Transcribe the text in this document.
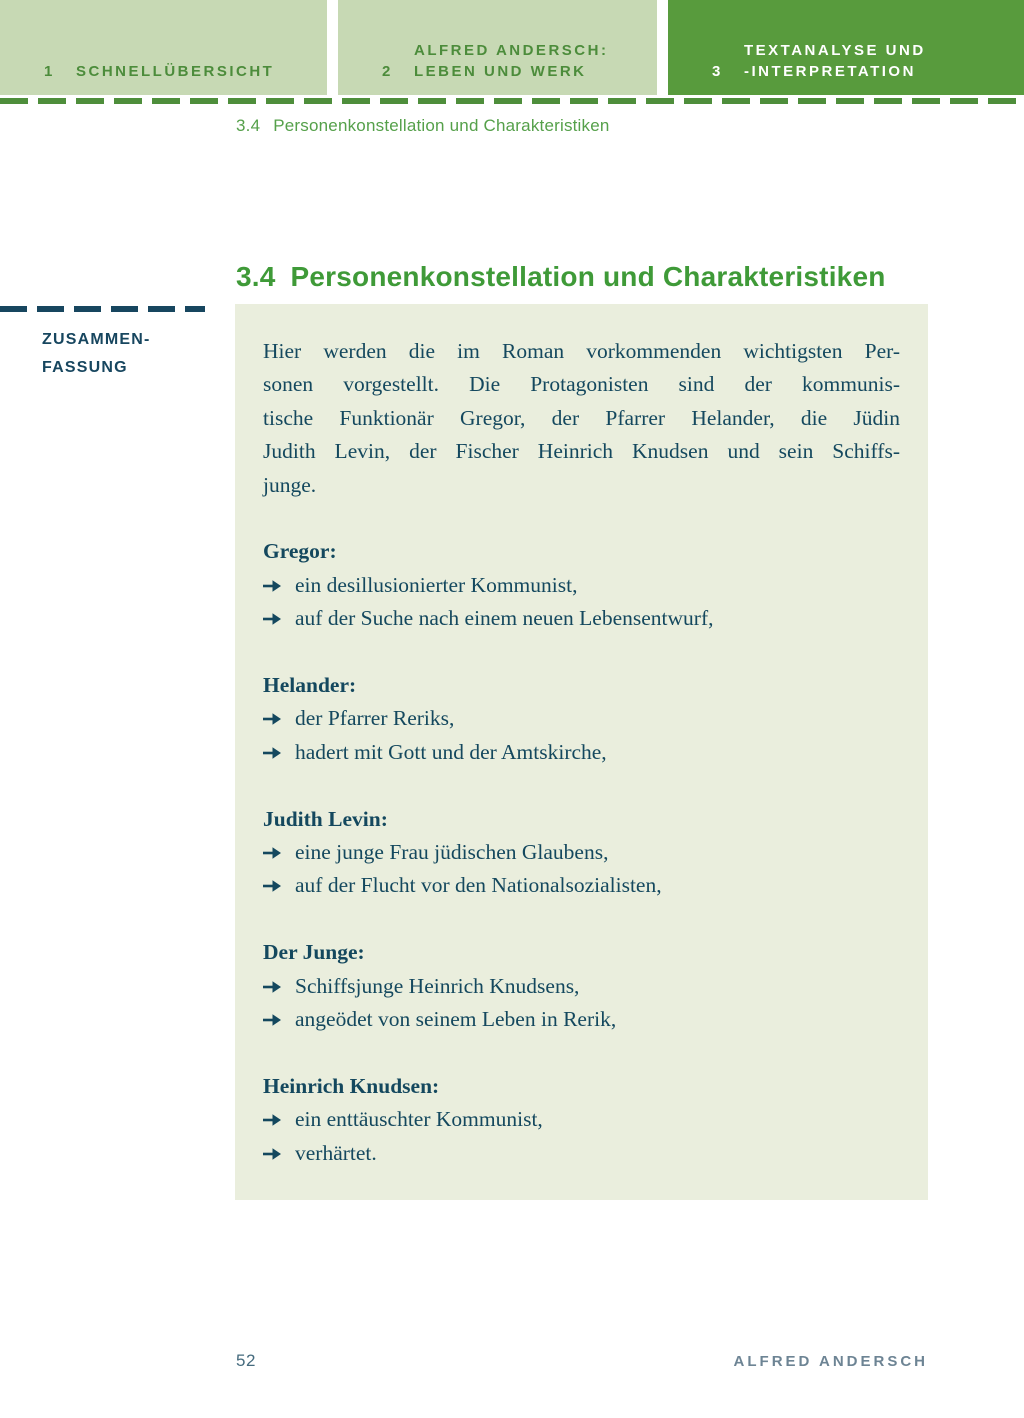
1	SCHNELLÜBERSICHT	2
ALFRED ANDERSCH:
LEBEN UND WERK	3
TEXTANALYSE UND
-INTERPRETATION
3.4 Personenkonstellation und Charakteristiken
3.4 Personenkonstellation und Charakteristiken
ZUSAMMEN-
FASSUNG
Hier werden die im Roman vorkommenden wichtigsten Per-
sonen vorgestellt. Die Protagonisten sind der kommunis-
tische Funktionär Gregor, der Pfarrer Helander, die Jüdin
Judith Levin, der Fischer Heinrich Knudsen und sein Schiffs-
junge.
Gregor:
ein desillusionierter Kommunist,
auf der Suche nach einem neuen Lebensentwurf,
Helander:
der Pfarrer Reriks,
hadert mit Gott und der Amtskirche,
Judith Levin:
eine junge Frau jüdischen Glaubens,
auf der Flucht vor den Nationalsozialisten,
Der Junge:
Schiffsjunge Heinrich Knudsens,
angeödet von seinem Leben in Rerik,
Heinrich Knudsen:
ein enttäuschter Kommunist,
verhärtet.
52	ALFRED ANDERSCH
